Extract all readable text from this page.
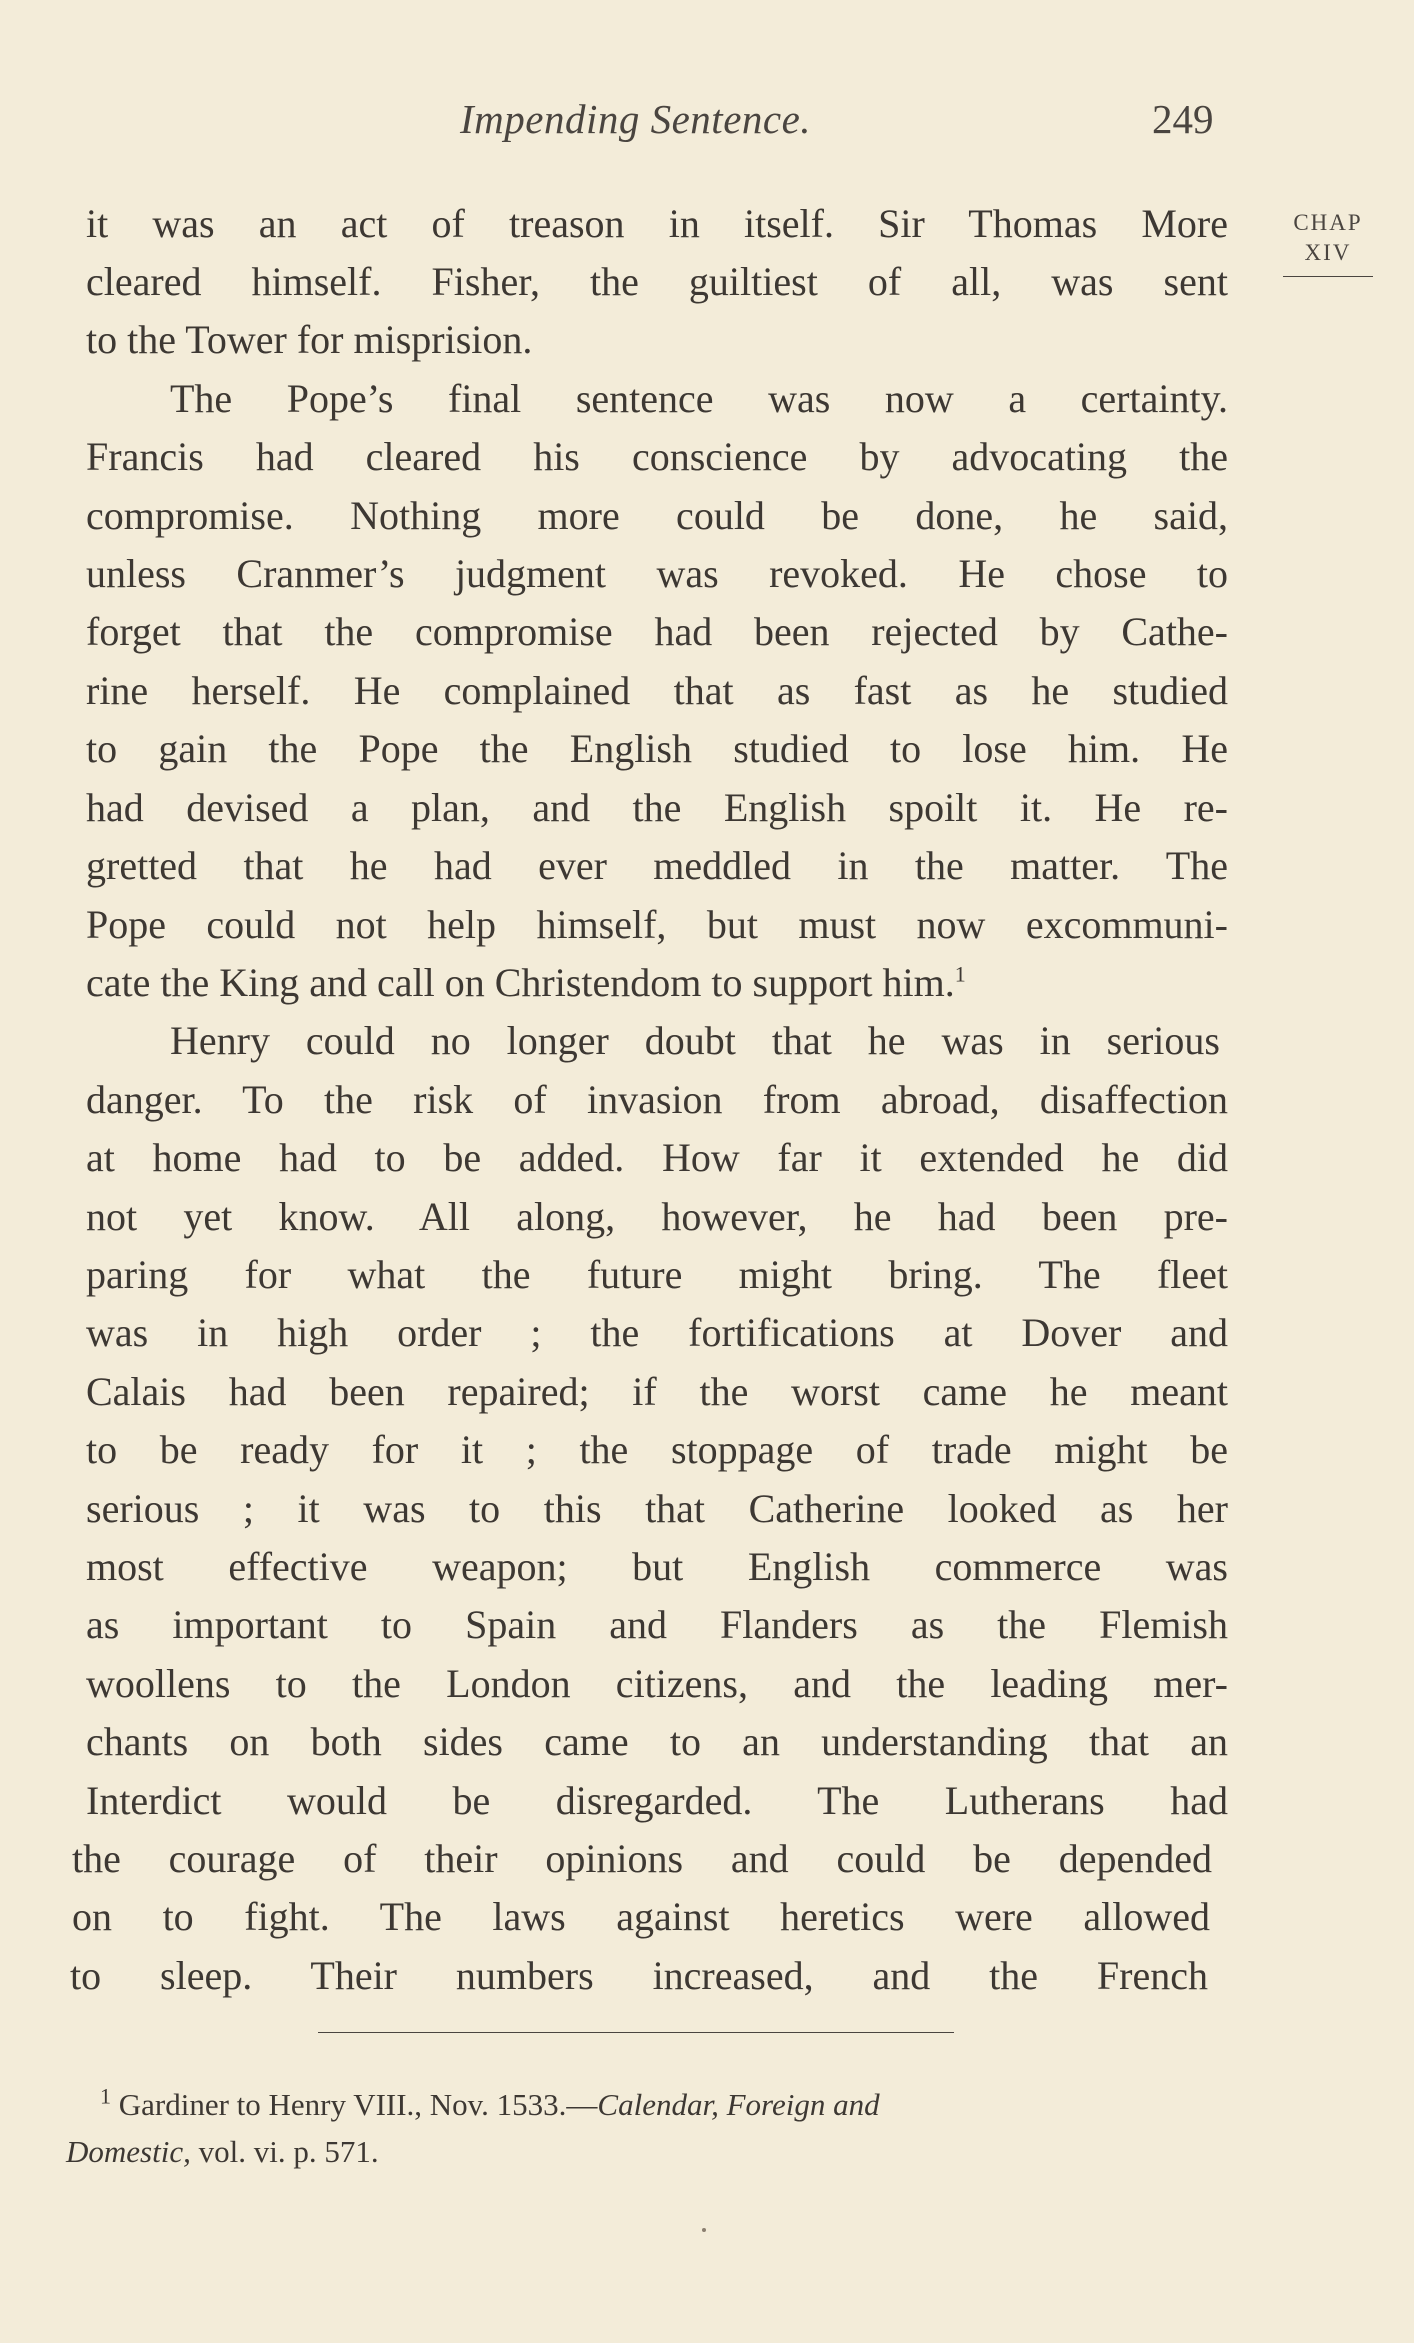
Impending Sentence.	249
CHAP
XIV
it was an act of treason in itself. Sir Thomas More
cleared himself. Fisher, the guiltiest of all, was sent
to the Tower for misprision.
The Pope’s final sentence was now a certainty.
Francis had cleared his conscience by advocating the
compromise. Nothing more could be done, he said,
unless Cranmer’s judgment was revoked. He chose to
forget that the compromise had been rejected by Cathe-
rine herself. He complained that as fast as he studied
to gain the Pope the English studied to lose him. He
had devised a plan, and the English spoilt it. He re-
gretted that he had ever meddled in the matter. The
Pope could not help himself, but must now excommuni-
cate the King and call on Christendom to support him.$^1$
Henry could no longer doubt that he was in serious
danger. To the risk of invasion from abroad, disaffection
at home had to be added. How far it extended he did
not yet know. All along, however, he had been pre-
paring for what the future might bring. The fleet
was in high order ; the fortifications at Dover and
Calais had been repaired; if the worst came he meant
to be ready for it ; the stoppage of trade might be
serious ; it was to this that Catherine looked as her
most effective weapon; but English commerce was
as important to Spain and Flanders as the Flemish
woollens to the London citizens, and the leading mer-
chants on both sides came to an understanding that an
Interdict would be disregarded. The Lutherans had
the courage of their opinions and could be depended
on to fight. The laws against heretics were allowed
to sleep. Their numbers increased, and the French
$^1$ Gardiner to Henry VIII., Nov. 1533.—Calendar, Foreign and
Domestic, vol. vi. p. 571.
